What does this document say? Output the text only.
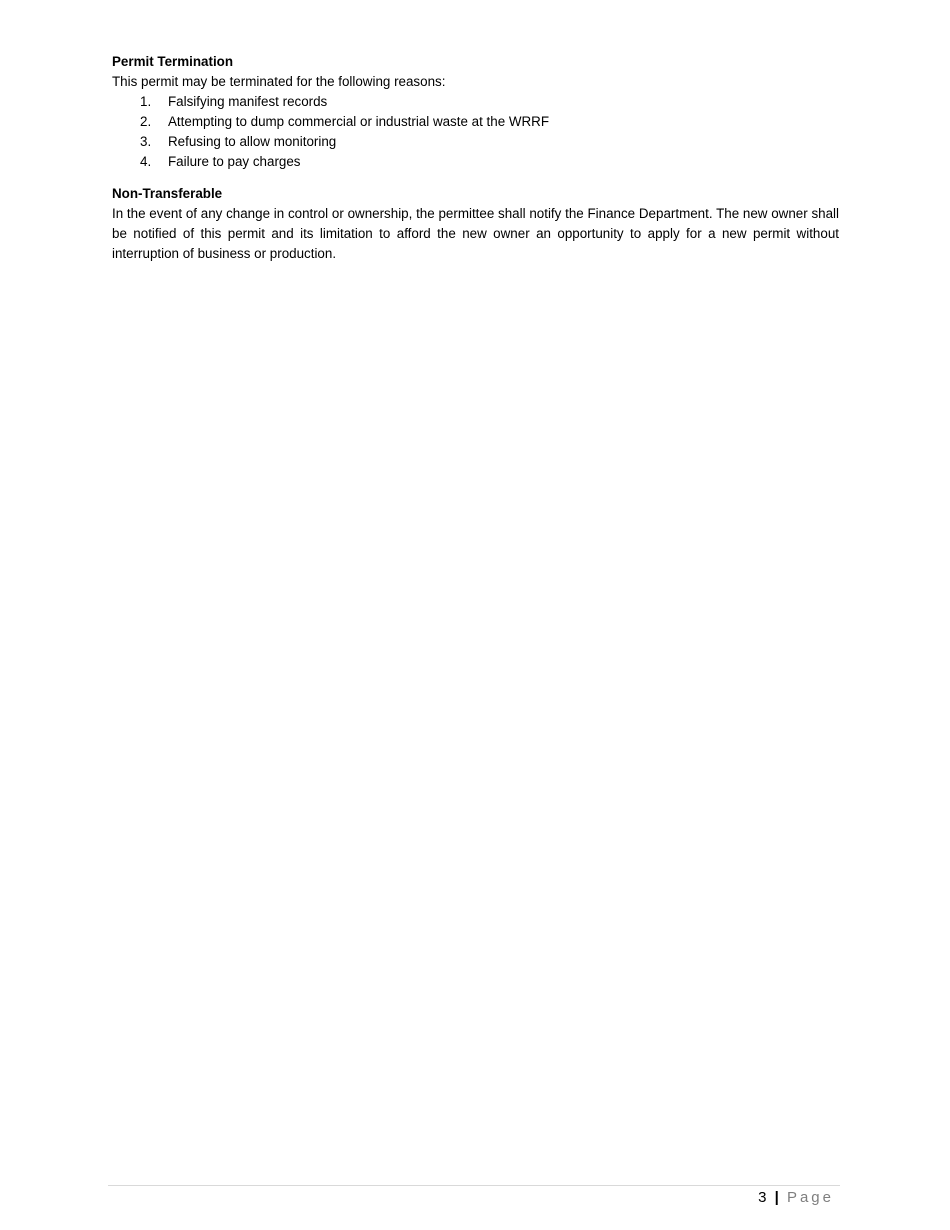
Permit Termination

This permit may be terminated for the following reasons:

1.	Falsifying manifest records
2.	Attempting to dump commercial or industrial waste at the WRRF
3.	Refusing to allow monitoring
4.	Failure to pay charges

Non-Transferable

In the event of any change in control or ownership, the permittee shall notify the Finance Department. The new owner shall be notified of this permit and its limitation to afford the new owner an opportunity to apply for a new permit without interruption of business or production.

3 | Page
